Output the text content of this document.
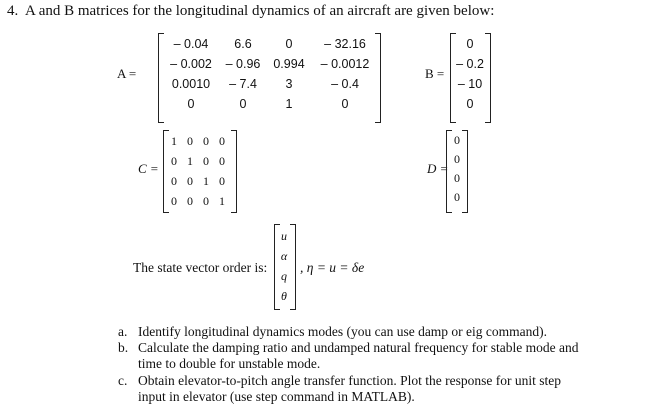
4. A and B matrices for the longitudinal dynamics of an aircraft are given below:
A =
– 0.04	6.6	0	– 32.16
– 0.002	– 0.96	0.994	– 0.0012
0.0010	– 7.4	3	– 0.4
0	0	1	0
B =
0
– 0.2
– 10
0
C =
1	0	0	0
0	1	0	0
0	0	1	0
0	0	0	1
D =
0
0
0
0
The state vector order is:
u
α
q
θ
, η = u = δe
a. Identify longitudinal dynamics modes (you can use damp or eig command).
b. Calculate the damping ratio and undamped natural frequency for stable mode and
time to double for unstable mode.
c. Obtain elevator-to-pitch angle transfer function. Plot the response for unit step
input in elevator (use step command in MATLAB).
